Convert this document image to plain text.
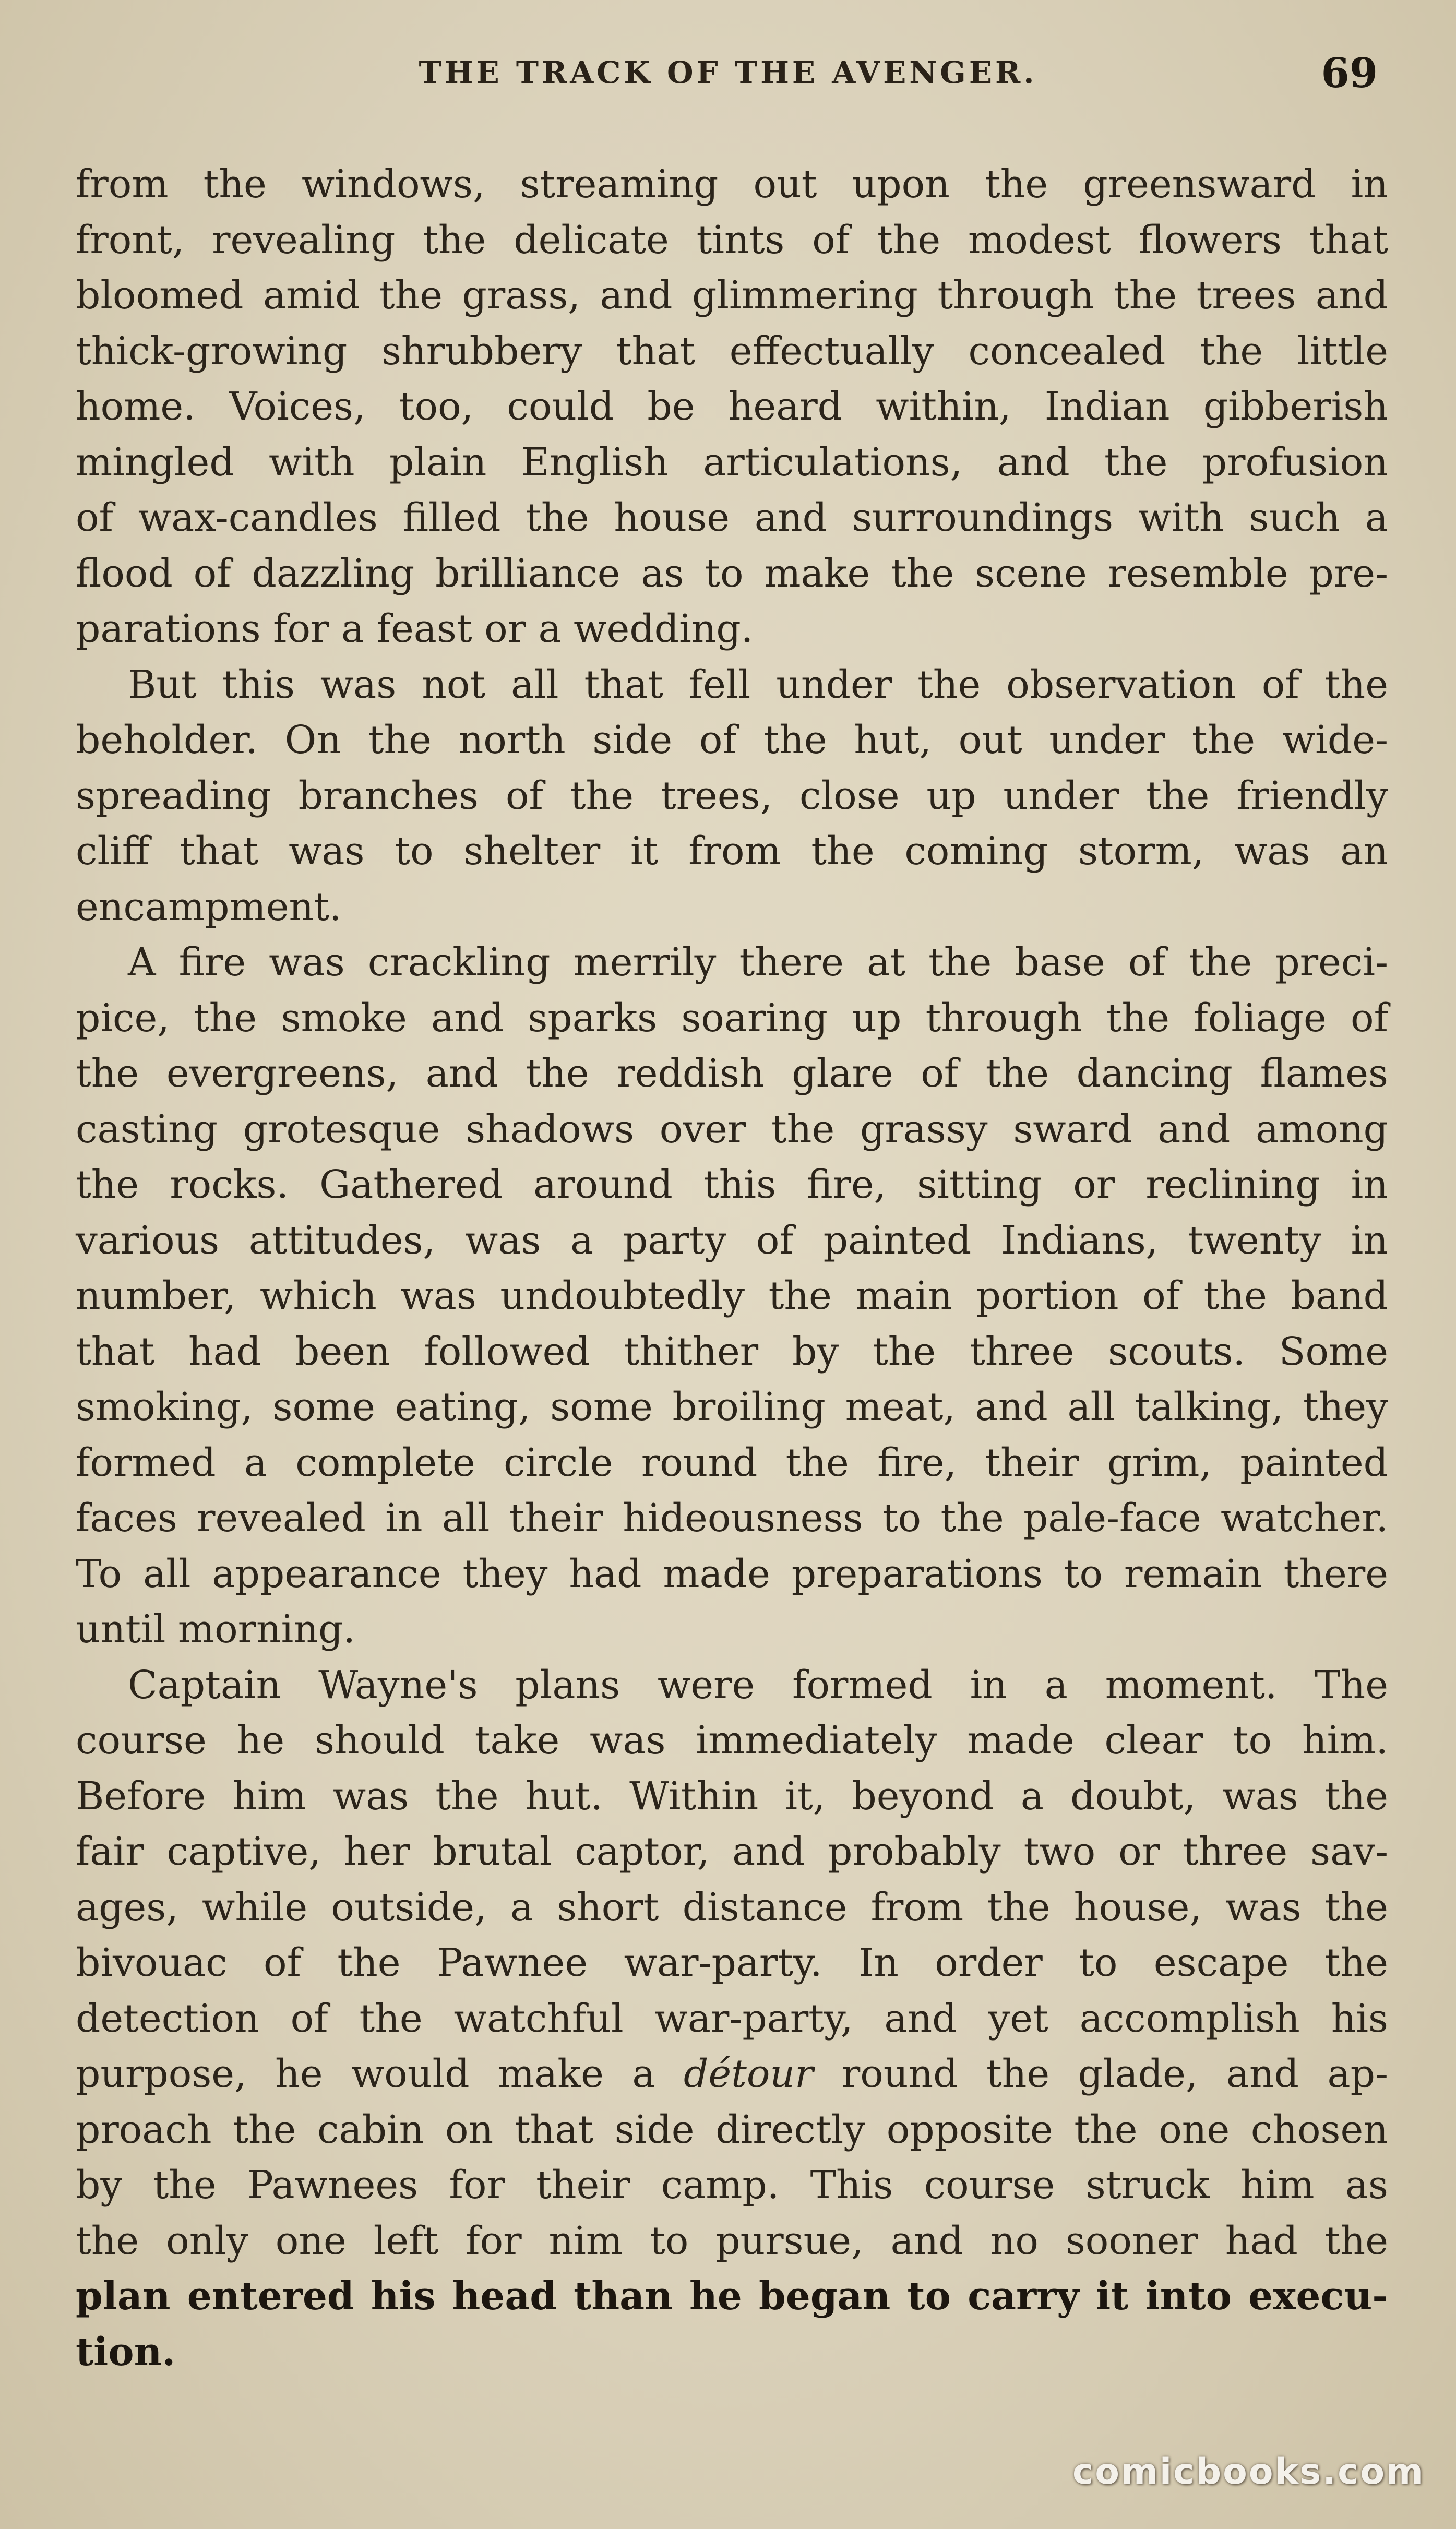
THE TRACK OF THE AVENGER.	69
from the windows, streaming out upon the greensward in
front, revealing the delicate tints of the modest flowers that
bloomed amid the grass, and glimmering through the trees and
thick-growing shrubbery that effectually concealed the little
home. Voices, too, could be heard within, Indian gibberish
mingled with plain English articulations, and the profusion
of wax-candles filled the house and surroundings with such a
flood of dazzling brilliance as to make the scene resemble pre-
parations for a feast or a wedding.
But this was not all that fell under the observation of the
beholder. On the north side of the hut, out under the wide-
spreading branches of the trees, close up under the friendly
cliff that was to shelter it from the coming storm, was an
encampment.
A fire was crackling merrily there at the base of the preci-
pice, the smoke and sparks soaring up through the foliage of
the evergreens, and the reddish glare of the dancing flames
casting grotesque shadows over the grassy sward and among
the rocks. Gathered around this fire, sitting or reclining in
various attitudes, was a party of painted Indians, twenty in
number, which was undoubtedly the main portion of the band
that had been followed thither by the three scouts. Some
smoking, some eating, some broiling meat, and all talking, they
formed a complete circle round the fire, their grim, painted
faces revealed in all their hideousness to the pale-face watcher.
To all appearance they had made preparations to remain there
until morning.
Captain Wayne's plans were formed in a moment. The
course he should take was immediately made clear to him.
Before him was the hut. Within it, beyond a doubt, was the
fair captive, her brutal captor, and probably two or three sav-
ages, while outside, a short distance from the house, was the
bivouac of the Pawnee war-party. In order to escape the
detection of the watchful war-party, and yet accomplish his
purpose, he would make a détour round the glade, and ap-
proach the cabin on that side directly opposite the one chosen
by the Pawnees for their camp. This course struck him as
the only one left for nim to pursue, and no sooner had the
plan entered his head than he began to carry it into execu-
tion.
comicbooks.com
